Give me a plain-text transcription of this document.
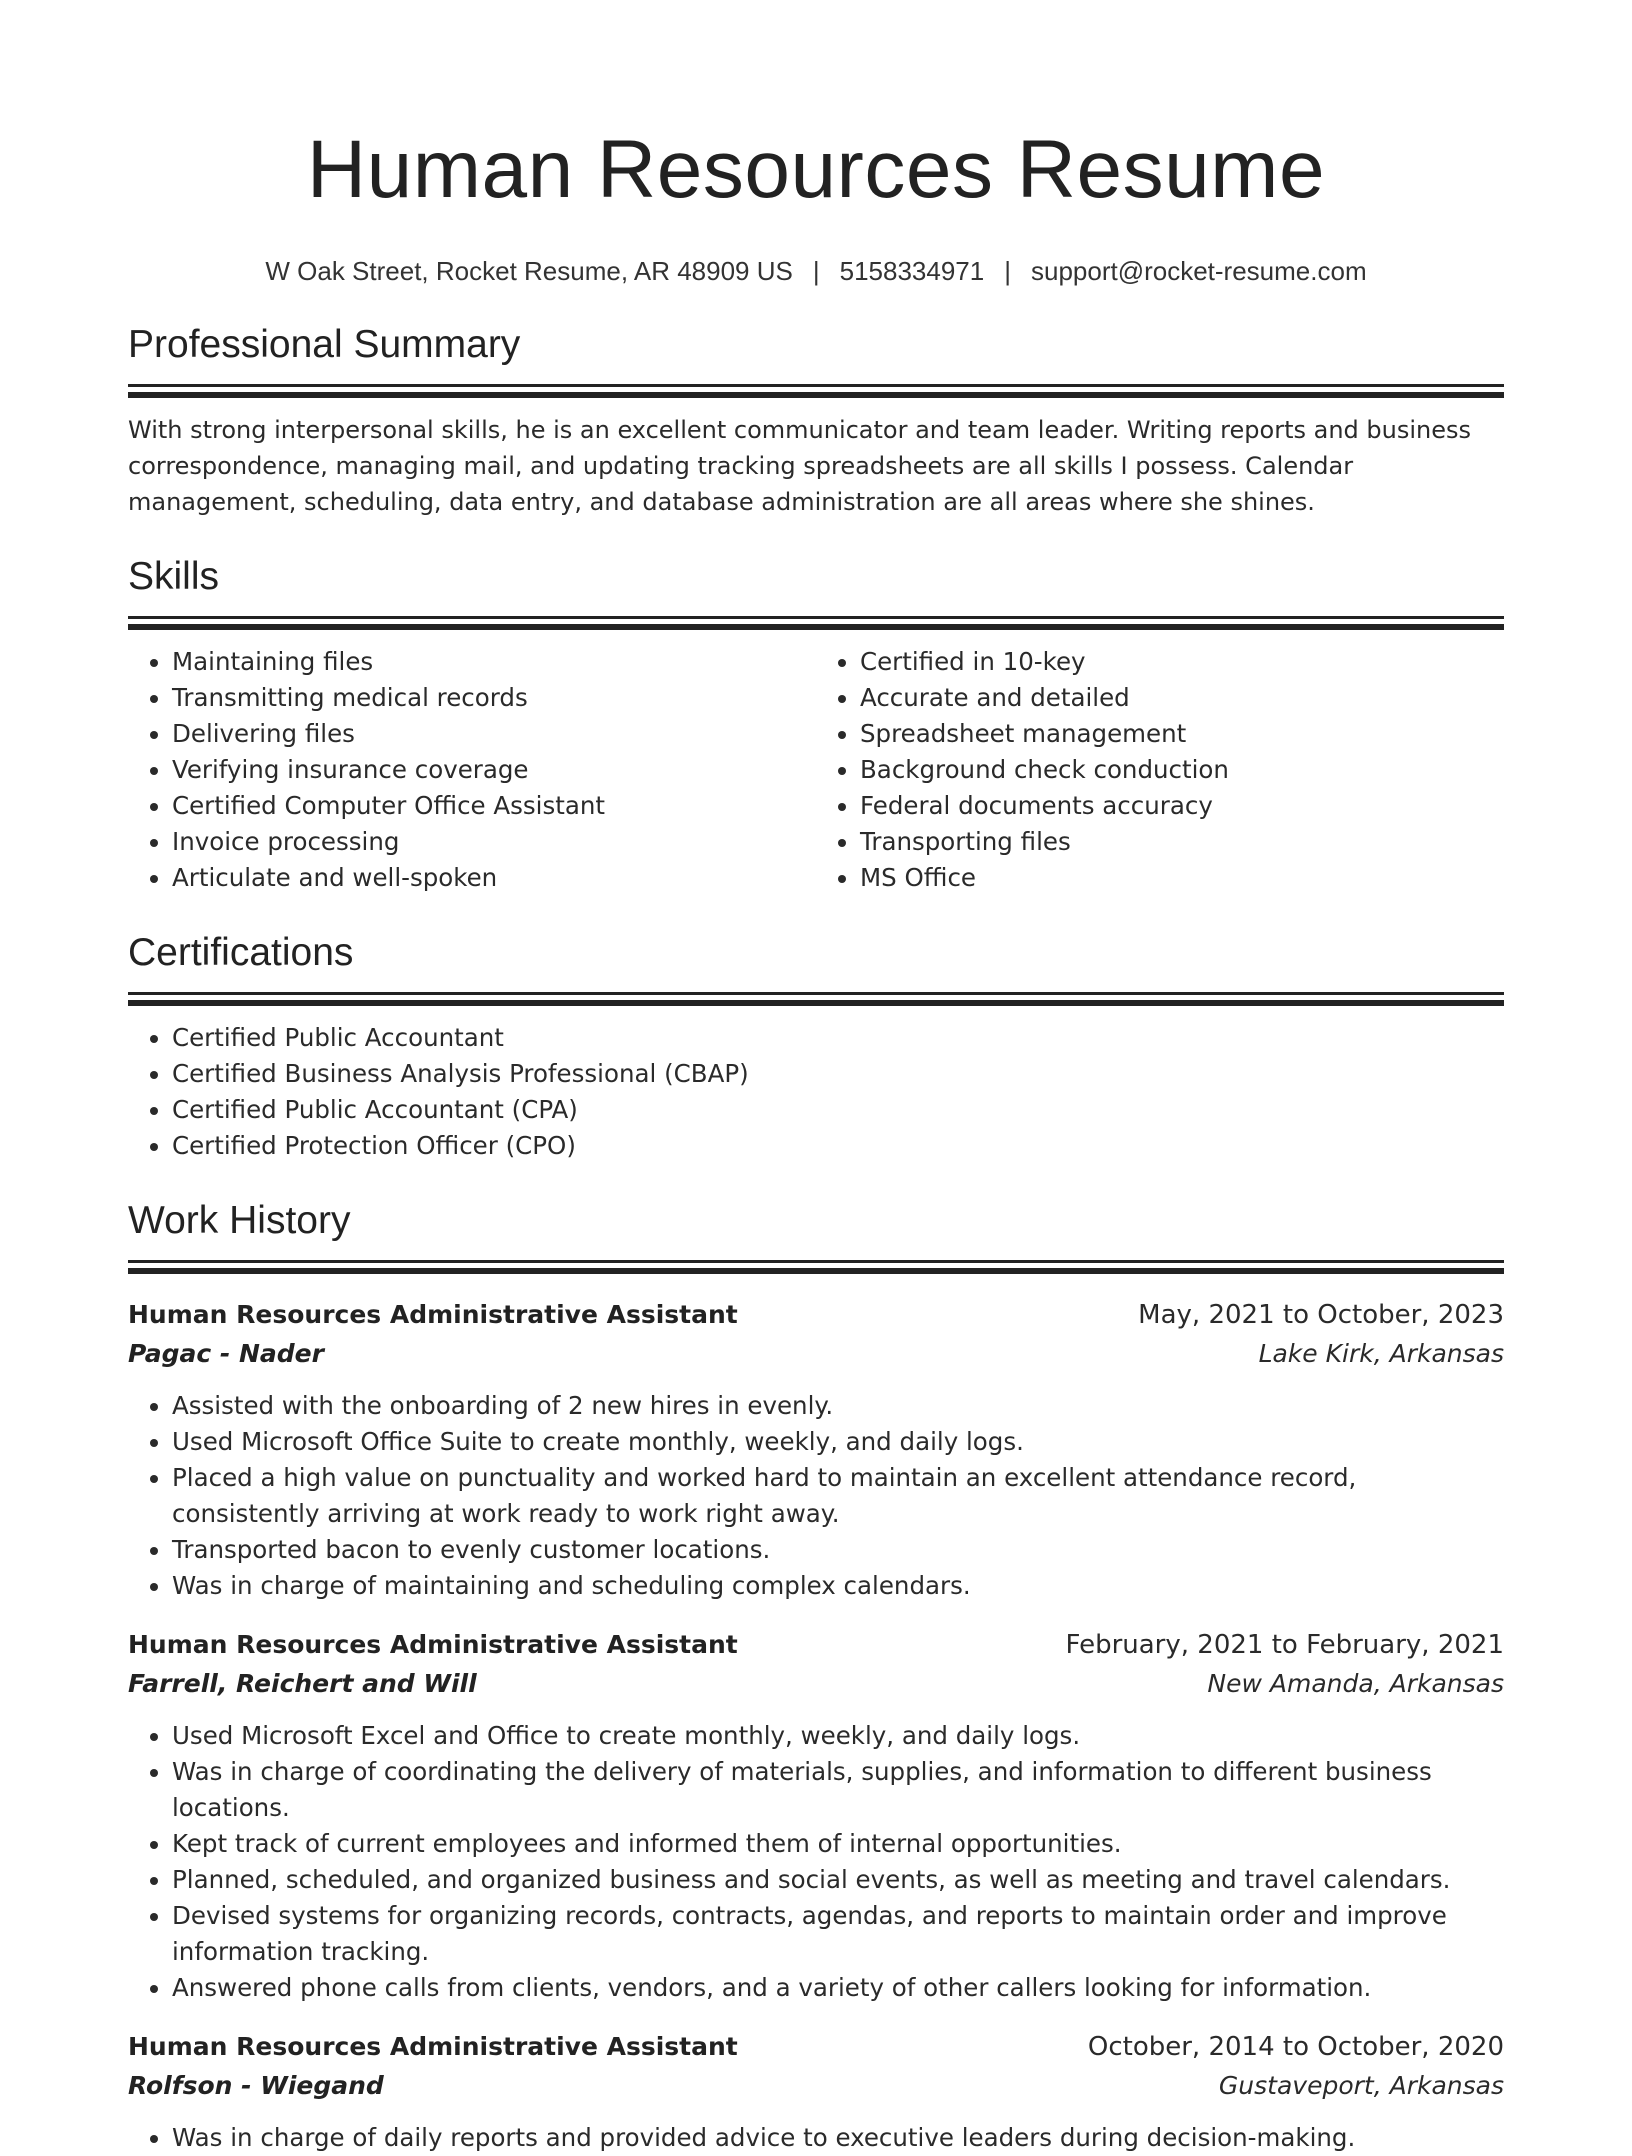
Human Resources Resume
W Oak Street, Rocket Resume, AR 48909 US | 5158334971 | support@rocket-resume.com
Professional Summary
With strong interpersonal skills, he is an excellent communicator and team leader. Writing reports and business correspondence, managing mail, and updating tracking spreadsheets are all skills I possess. Calendar management, scheduling, data entry, and database administration are all areas where she shines.
Skills
• Maintaining files
• Transmitting medical records
• Delivering files
• Verifying insurance coverage
• Certified Computer Office Assistant
• Invoice processing
• Articulate and well-spoken
• Certified in 10-key
• Accurate and detailed
• Spreadsheet management
• Background check conduction
• Federal documents accuracy
• Transporting files
• MS Office
Certifications
• Certified Public Accountant
• Certified Business Analysis Professional (CBAP)
• Certified Public Accountant (CPA)
• Certified Protection Officer (CPO)
Work History
Human Resources Administrative Assistant	May, 2021 to October, 2023
Pagac - Nader	Lake Kirk, Arkansas
• Assisted with the onboarding of 2 new hires in evenly.
• Used Microsoft Office Suite to create monthly, weekly, and daily logs.
• Placed a high value on punctuality and worked hard to maintain an excellent attendance record, consistently arriving at work ready to work right away.
• Transported bacon to evenly customer locations.
• Was in charge of maintaining and scheduling complex calendars.
Human Resources Administrative Assistant	February, 2021 to February, 2021
Farrell, Reichert and Will	New Amanda, Arkansas
• Used Microsoft Excel and Office to create monthly, weekly, and daily logs.
• Was in charge of coordinating the delivery of materials, supplies, and information to different business locations.
• Kept track of current employees and informed them of internal opportunities.
• Planned, scheduled, and organized business and social events, as well as meeting and travel calendars.
• Devised systems for organizing records, contracts, agendas, and reports to maintain order and improve information tracking.
• Answered phone calls from clients, vendors, and a variety of other callers looking for information.
Human Resources Administrative Assistant	October, 2014 to October, 2020
Rolfson - Wiegand	Gustaveport, Arkansas
• Was in charge of daily reports and provided advice to executive leaders during decision-making.
